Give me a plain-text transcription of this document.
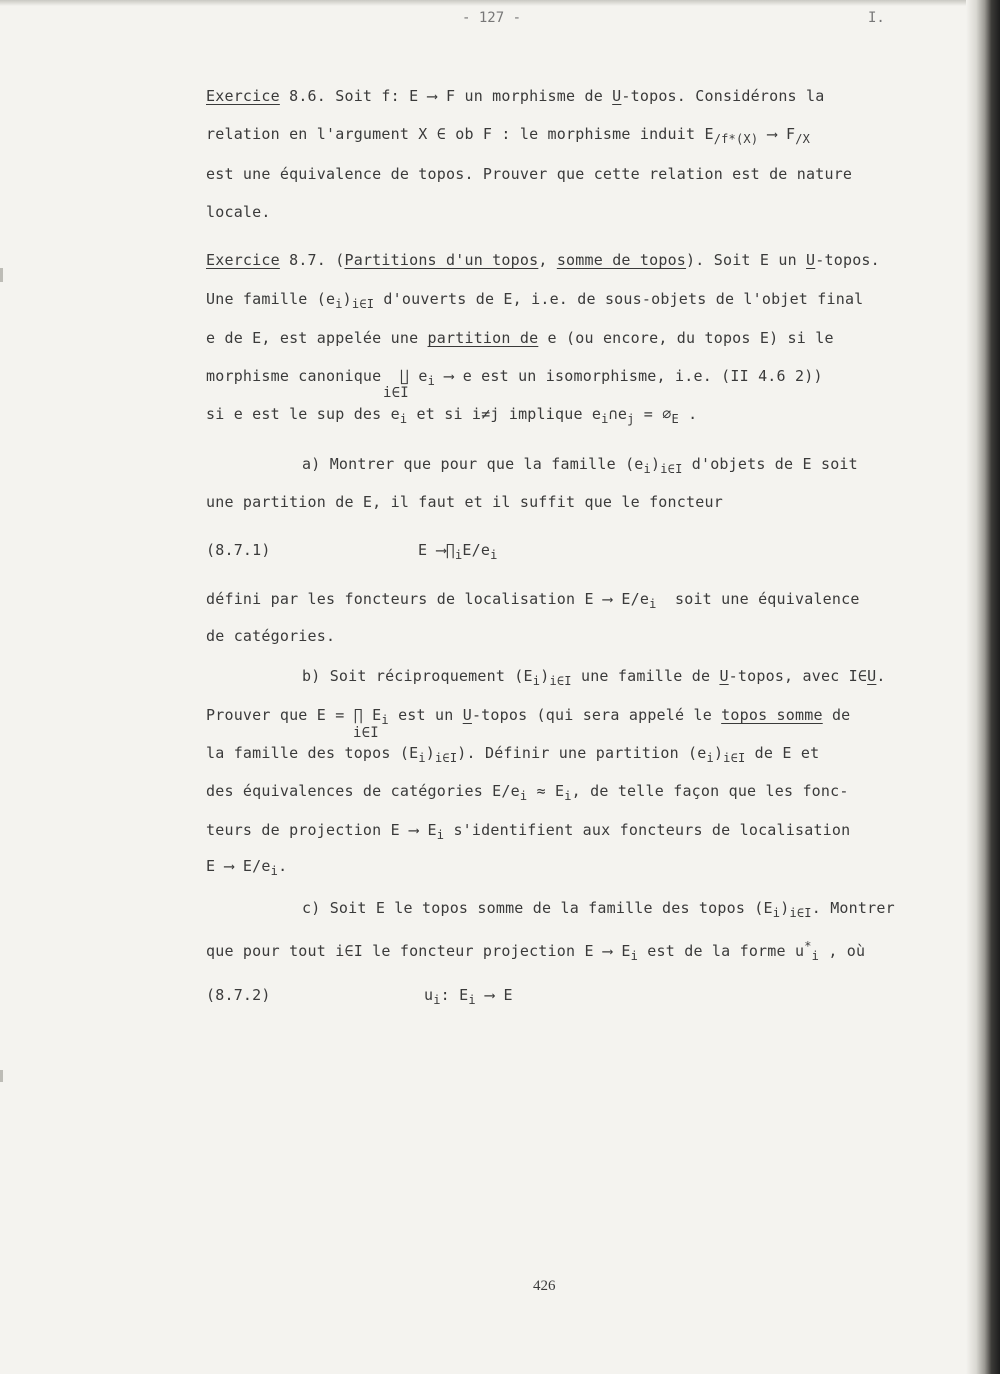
- 127 -	I.
Exercice 8.6. Soit f: E ⟶ F un morphisme de U-topos. Considérons la
relation en l'argument X ∈ ob F : le morphisme induit $E_{/f*(X)}$ ⟶ $F_{/X}$
est une équivalence de topos. Prouver que cette relation est de nature
locale.
Exercice 8.7. (Partitions d'un topos, somme de topos). Soit E un U-topos.
Une famille $(e_i)_{i\in I}$ d'ouverts de E, i.e. de sous-objets de l'objet final
e de E, est appelée une partition de e (ou encore, du topos E) si le
morphisme canonique  ∐ $e_i$ ⟶ e est un isomorphisme, i.e. (II 4.6 2))
i∈I
si e est le sup des $e_i$ et si i≠j implique $e_i\cap e_j$ = $\emptyset_E$ .
a) Montrer que pour que la famille $(e_i)_{i\in I}$ d'objets de E soit
une partition de E, il faut et il suffit que le foncteur
(8.7.1)	E $⟶\prod_iE/e_i$
défini par les foncteurs de localisation E ⟶ $E/e_i$  soit une équivalence
de catégories.
b) Soit réciproquement $(E_i)_{i\in I}$ une famille de U-topos, avec I∈U.
Prouver que E = ∏ $E_i$ est un U-topos (qui sera appelé le topos somme de
i∈I
la famille des topos $(E_i)_{i\in I}$). Définir une partition $(e_i)_{i\in I}$ de E et
des équivalences de catégories $E/e_i \approx E_i$, de telle façon que les fonc-
teurs de projection E ⟶ $E_i$ s'identifient aux foncteurs de localisation
E ⟶ $E/e_i$.
c) Soit E le topos somme de la famille des topos $(E_i)_{i\in I}$. Montrer
que pour tout i∈I le foncteur projection E ⟶ $E_i$ est de la forme $u^*_i$ , où
(8.7.2)	$u_i$: $E_i$ ⟶ E
426
